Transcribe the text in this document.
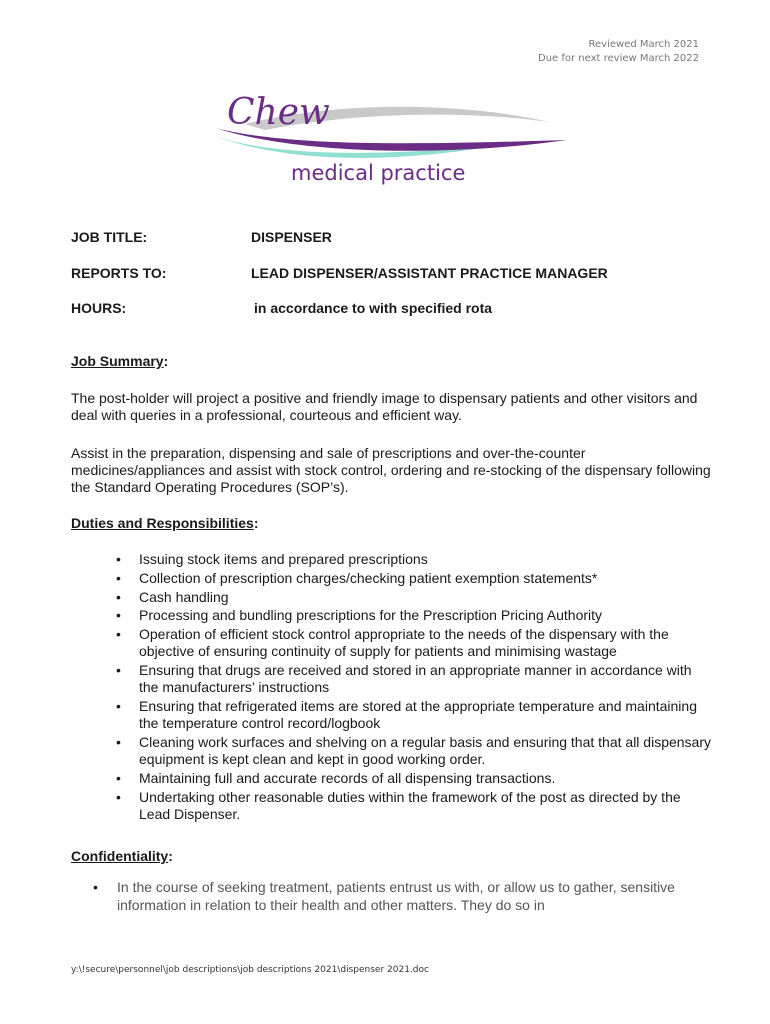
Reviewed March 2021
Due for next review March 2022
Chew
medical practice
JOB TITLE:	DISPENSER
REPORTS TO:	LEAD DISPENSER/ASSISTANT PRACTICE MANAGER
HOURS:	in accordance to with specified rota
Job Summary:
The post-holder will project a positive and friendly image to dispensary patients and other visitors and deal with queries in a professional, courteous and efficient way.
Assist in the preparation, dispensing and sale of prescriptions and over-the-counter medicines/appliances and assist with stock control, ordering and re-stocking of the dispensary following the Standard Operating Procedures (SOP’s).
Duties and Responsibilities:
• Issuing stock items and prepared prescriptions
• Collection of prescription charges/checking patient exemption statements*
• Cash handling
• Processing and bundling prescriptions for the Prescription Pricing Authority
• Operation of efficient stock control appropriate to the needs of the dispensary with the objective of ensuring continuity of supply for patients and minimising wastage
• Ensuring that drugs are received and stored in an appropriate manner in accordance with the manufacturers’ instructions
• Ensuring that refrigerated items are stored at the appropriate temperature and maintaining the temperature control record/logbook
• Cleaning work surfaces and shelving on a regular basis and ensuring that that all dispensary equipment is kept clean and kept in good working order.
• Maintaining full and accurate records of all dispensing transactions.
• Undertaking other reasonable duties within the framework of the post as directed by the Lead Dispenser.
Confidentiality:
• In the course of seeking treatment, patients entrust us with, or allow us to gather, sensitive information in relation to their health and other matters. They do so in
y:\!secure\personnel\job descriptions\job descriptions 2021\dispenser 2021.doc
